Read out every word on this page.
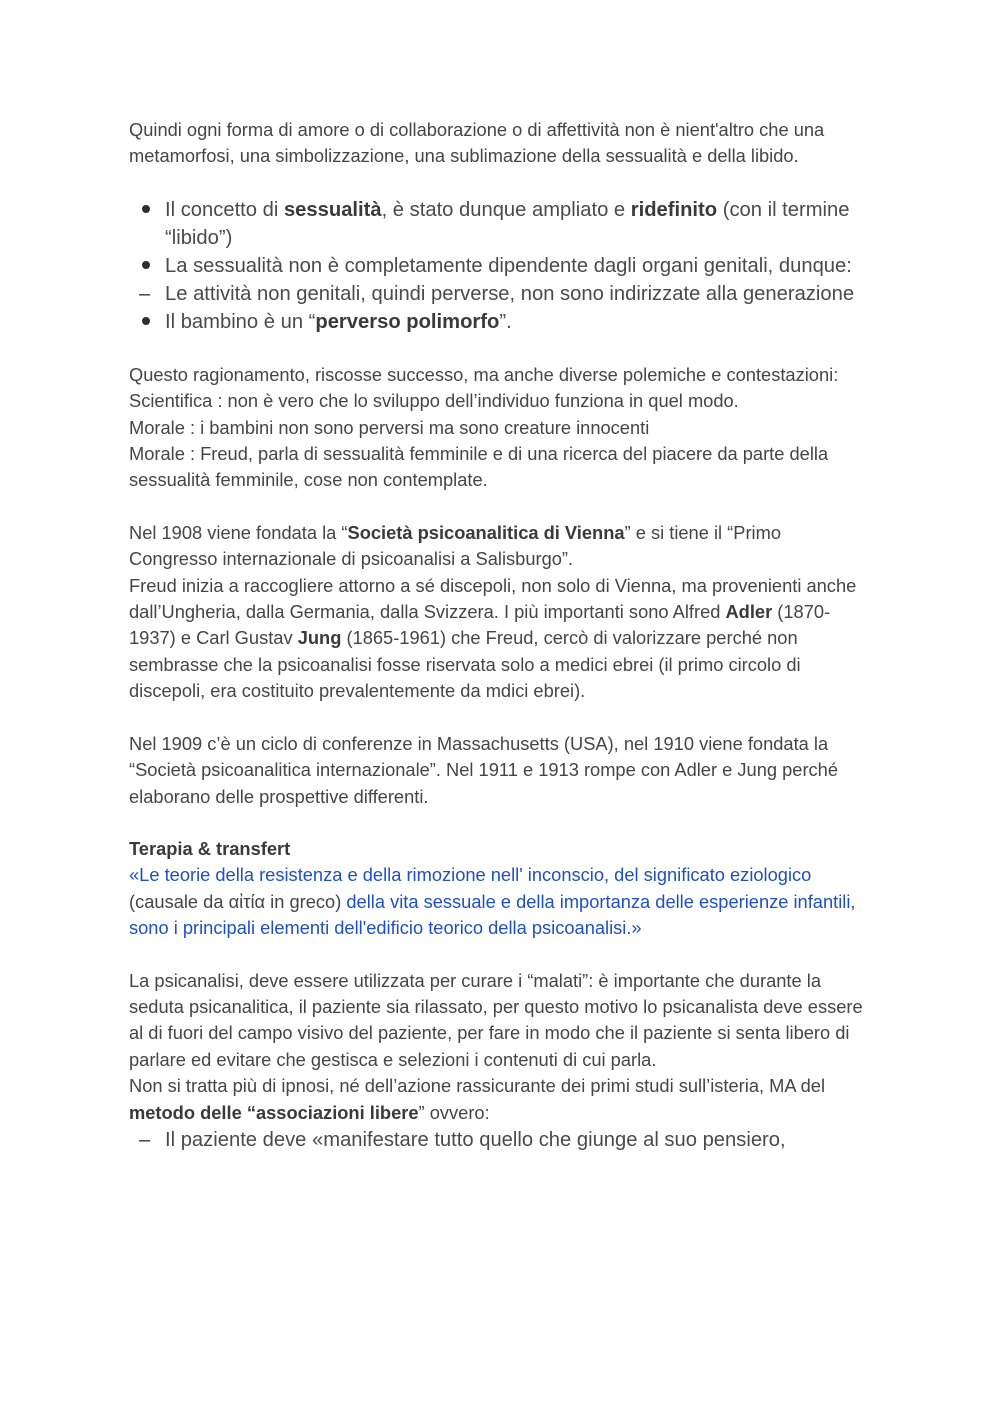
Quindi ogni forma di amore o di collaborazione o di affettività non è nient'altro che una metamorfosi, una simbolizzazione, una sublimazione della sessualità e della libido.

Il concetto di sessualità, è stato dunque ampliato e ridefinito (con il termine “libido”)
La sessualità non è completamente dipendente dagli organi genitali, dunque:
– Le attività non genitali, quindi perverse, non sono indirizzate alla generazione
Il bambino è un “perverso polimorfo”.

Questo ragionamento, riscosse successo, ma anche diverse polemiche e contestazioni:

Scientifica : non è vero che lo sviluppo dell’individuo funziona in quel modo.

Morale : i bambini non sono perversi ma sono creature innocenti

Morale : Freud, parla di sessualità femminile e di una ricerca del piacere da parte della sessualità femminile, cose non contemplate.

Nel 1908 viene fondata la “Società psicoanalitica di Vienna” e si tiene il “Primo Congresso internazionale di psicoanalisi a Salisburgo”.

Freud inizia a raccogliere attorno a sé discepoli, non solo di Vienna, ma provenienti anche dall’Ungheria, dalla Germania, dalla Svizzera. I più importanti sono Alfred Adler (1870-1937) e Carl Gustav Jung (1865-1961) che Freud, cercò di valorizzare perché non sembrasse che la psicoanalisi fosse riservata solo a medici ebrei (il primo circolo di discepoli, era costituito prevalentemente da mdici ebrei).

Nel 1909 c’è un ciclo di conferenze in Massachusetts (USA), nel 1910 viene fondata la “Società psicoanalitica internazionale”. Nel 1911 e 1913 rompe con Adler e Jung perché elaborano delle prospettive differenti.

Terapia & transfert

«Le teorie della resistenza e della rimozione nell' inconscio, del significato eziologico (causale da αἰτία in greco) della vita sessuale e della importanza delle esperienze infantili, sono i principali elementi dell'edificio teorico della psicoanalisi.»

La psicanalisi, deve essere utilizzata per curare i “malati”: è importante che durante la seduta psicanalitica, il paziente sia rilassato, per questo motivo lo psicanalista deve essere al di fuori del campo visivo del paziente, per fare in modo che il paziente si senta libero di parlare ed evitare che gestisca e selezioni i contenuti di cui parla.

Non si tratta più di ipnosi, né dell’azione rassicurante dei primi studi sull’isteria, MA del metodo delle “associazioni libere” ovvero:

– Il paziente deve «manifestare tutto quello che giunge al suo pensiero,
